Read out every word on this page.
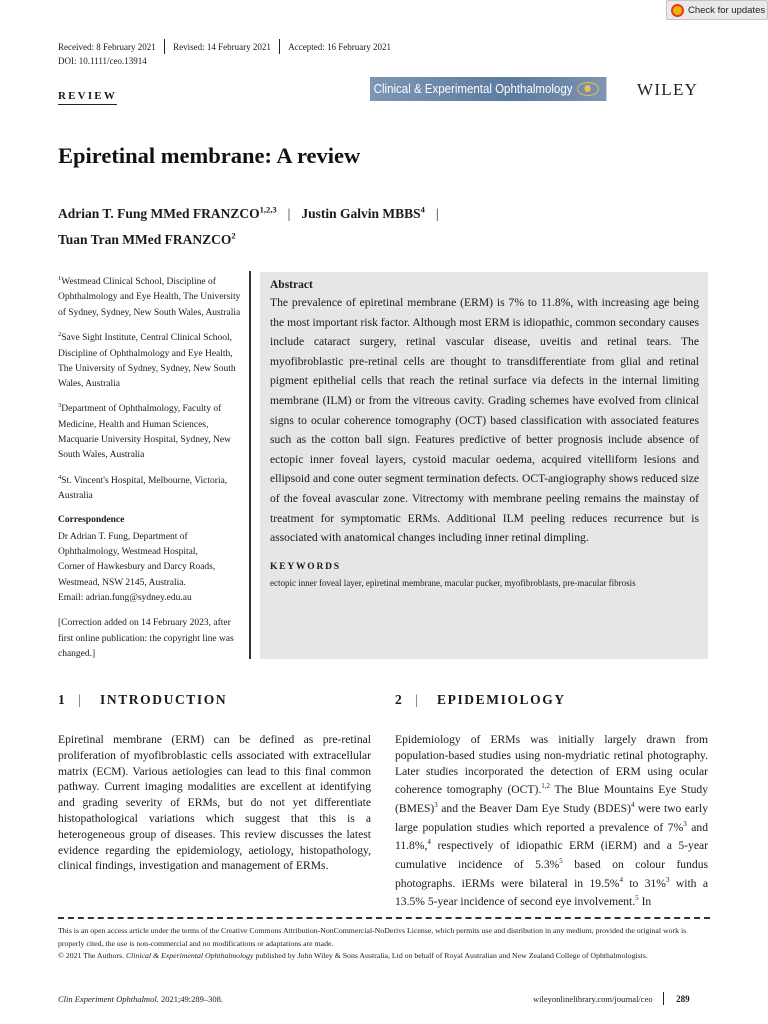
Check for updates
Received: 8 February 2021 Revised: 14 February 2021 Accepted: 16 February 2021
DOI: 10.1111/ceo.13914
REVIEW	Clinical & Experimental Ophthalmology	WILEY
Epiretinal membrane: A review
Adrian T. Fung MMed FRANZCO$^{1,2,3}$ | Justin Galvin MBBS$^4$ |
Tuan Tran MMed FRANZCO$^2$

$^1$Westmead Clinical School, Discipline of Ophthalmology and Eye Health, The University of Sydney, Sydney, New South Wales, Australia

$^2$Save Sight Institute, Central Clinical School, Discipline of Ophthalmology and Eye Health, The University of Sydney, Sydney, New South Wales, Australia

$^3$Department of Ophthalmology, Faculty of Medicine, Health and Human Sciences, Macquarie University Hospital, Sydney, New South Wales, Australia

$^4$St. Vincent's Hospital, Melbourne, Victoria, Australia

Correspondence
Dr Adrian T. Fung, Department of
Ophthalmology, Westmead Hospital,
Corner of Hawkesbury and Darcy Roads,
Westmead, NSW 2145, Australia.
Email: adrian.fung@sydney.edu.au

[Correction added on 14 February 2023, after first online publication: the copyright line was changed.]

Abstract
The prevalence of epiretinal membrane (ERM) is 7% to 11.8%, with increasing age being the most important risk factor. Although most ERM is idiopathic, common secondary causes include cataract surgery, retinal vascular disease, uveitis and retinal tears. The myofibroblastic pre-retinal cells are thought to transdifferentiate from glial and retinal pigment epithelial cells that reach the retinal surface via defects in the internal limiting membrane (ILM) or from the vitreous cavity. Grading schemes have evolved from clinical signs to ocular coherence tomography (OCT) based classification with associated features such as the cotton ball sign. Features predictive of better prognosis include absence of ectopic inner foveal layers, cystoid macular oedema, acquired vitelliform lesions and ellipsoid and cone outer segment termination defects. OCT-angiography shows reduced size of the foveal avascular zone. Vitrectomy with membrane peeling remains the mainstay of treatment for symptomatic ERMs. Additional ILM peeling reduces recurrence but is associated with anatomical changes including inner retinal dimpling.
KEYWORDS
ectopic inner foveal layer, epiretinal membrane, macular pucker, myofibroblasts, pre-macular fibrosis
1 | INTRODUCTION

Epiretinal membrane (ERM) can be defined as pre-retinal proliferation of myofibroblastic cells associated with extracellular matrix (ECM). Various aetiologies can lead to this final common pathway. Current imaging modalities are excellent at identifying and grading severity of ERMs, but do not yet differentiate histopathological variations which suggest that this is a heterogeneous group of diseases. This review discusses the latest evidence regarding the epidemiology, aetiology, histopathology, clinical findings, investigation and management of ERMs.

2 | EPIDEMIOLOGY

Epidemiology of ERMs was initially largely drawn from population-based studies using non-mydriatic retinal photography. Later studies incorporated the detection of ERM using ocular coherence tomography (OCT).$^{1,2}$ The Blue Mountains Eye Study (BMES)$^3$ and the Beaver Dam Eye Study (BDES)$^4$ were two early large population studies which reported a prevalence of 7%$^3$ and 11.8%,$^4$ respectively of idiopathic ERM (iERM) and a 5-year cumulative incidence of 5.3%$^5$ based on colour fundus photographs. iERMs were bilateral in 19.5%$^4$ to 31%$^3$ with a 13.5% 5-year incidence of second eye involvement.$^5$ In

This is an open access article under the terms of the Creative Commons Attribution-NonCommercial-NoDerivs License, which permits use and distribution in any medium, provided the original work is properly cited, the use is non-commercial and no modifications or adaptations are made.
© 2021 The Authors. Clinical & Experimental Ophthalmology published by John Wiley & Sons Australia, Ltd on behalf of Royal Australian and New Zealand College of Ophthalmologists.
Clin Experiment Ophthalmol. 2021;49:289–308.	wileyonlinelibrary.com/journal/ceo	289
